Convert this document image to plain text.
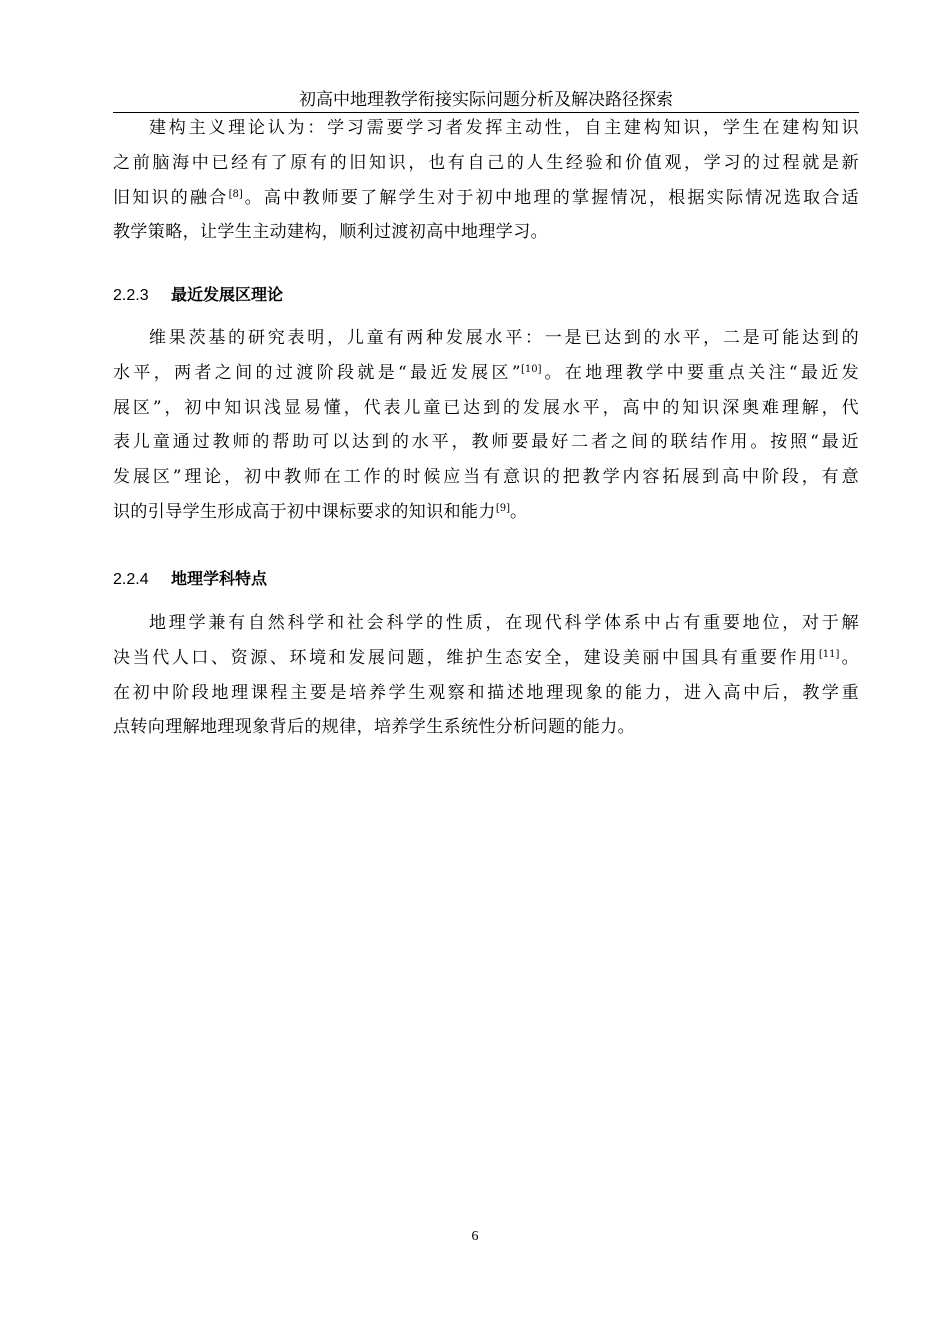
初高中地理教学衔接实际问题分析及解决路径探索
建构主义理论认为：学习需要学习者发挥主动性，自主建构知识，学生在建构知识
之前脑海中已经有了原有的旧知识，也有自己的人生经验和价值观，学习的过程就是新
旧知识的融合[8]。高中教师要了解学生对于初中地理的掌握情况，根据实际情况选取合适
教学策略，让学生主动建构，顺利过渡初高中地理学习。
2.2.3 最近发展区理论
维果茨基的研究表明，儿童有两种发展水平：一是已达到的水平，二是可能达到的
水平，两者之间的过渡阶段就是“最近发展区”[10]。在地理教学中要重点关注“最近发
展区”，初中知识浅显易懂，代表儿童已达到的发展水平，高中的知识深奥难理解，代
表儿童通过教师的帮助可以达到的水平，教师要最好二者之间的联结作用。按照“最近
发展区”理论，初中教师在工作的时候应当有意识的把教学内容拓展到高中阶段，有意
识的引导学生形成高于初中课标要求的知识和能力[9]。
2.2.4 地理学科特点
地理学兼有自然科学和社会科学的性质，在现代科学体系中占有重要地位，对于解
决当代人口、资源、环境和发展问题，维护生态安全，建设美丽中国具有重要作用[11]。
在初中阶段地理课程主要是培养学生观察和描述地理现象的能力，进入高中后，教学重
点转向理解地理现象背后的规律，培养学生系统性分析问题的能力。
6
